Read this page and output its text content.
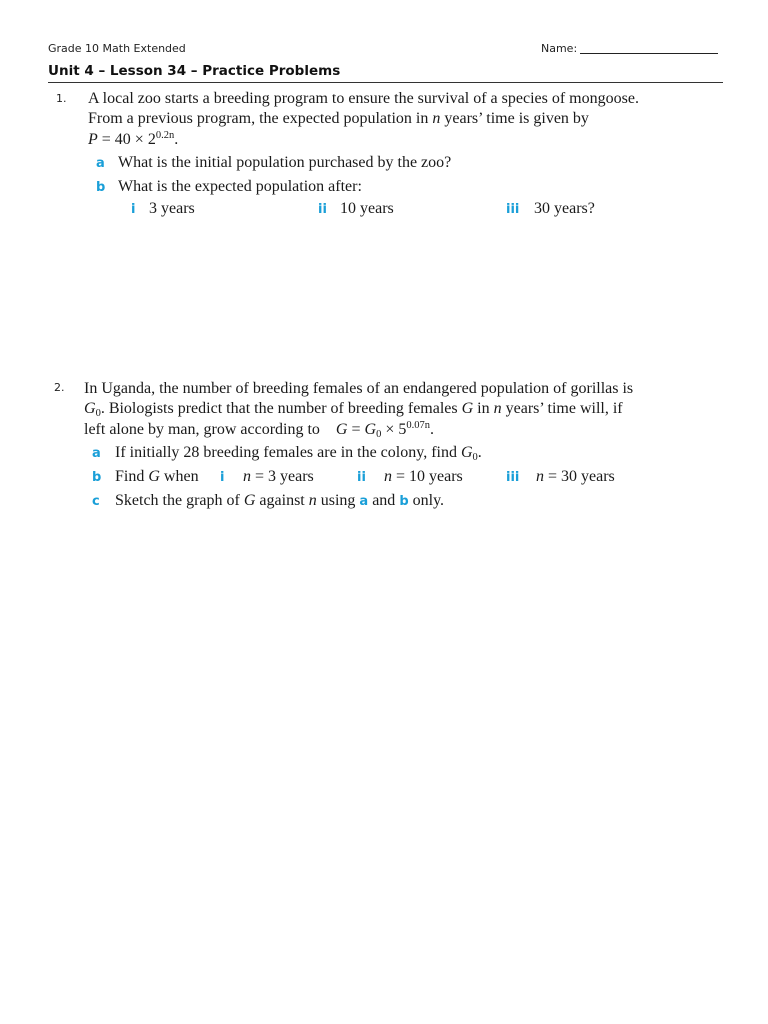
Grade 10 Math Extended	Name:
Unit 4 – Lesson 34 – Practice Problems
1. A local zoo starts a breeding program to ensure the survival of a species of mongoose.
From a previous program, the expected population in n years’ time is given by
$P = 40 \times 2^{0.2n}$.
a What is the initial population purchased by the zoo?
b What is the expected population after:
i 3 years	ii 10 years	iii 30 years?
2. In Uganda, the number of breeding females of an endangered population of gorillas is
$G_0$. Biologists predict that the number of breeding females G in n years’ time will, if
left alone by man, grow according to $G = G_0 \times 5^{0.07n}$.
a If initially 28 breeding females are in the colony, find $G_0$.
b Find G when i n = 3 years	ii n = 10 years	iii n = 30 years
c Sketch the graph of G against n using a and b only.
